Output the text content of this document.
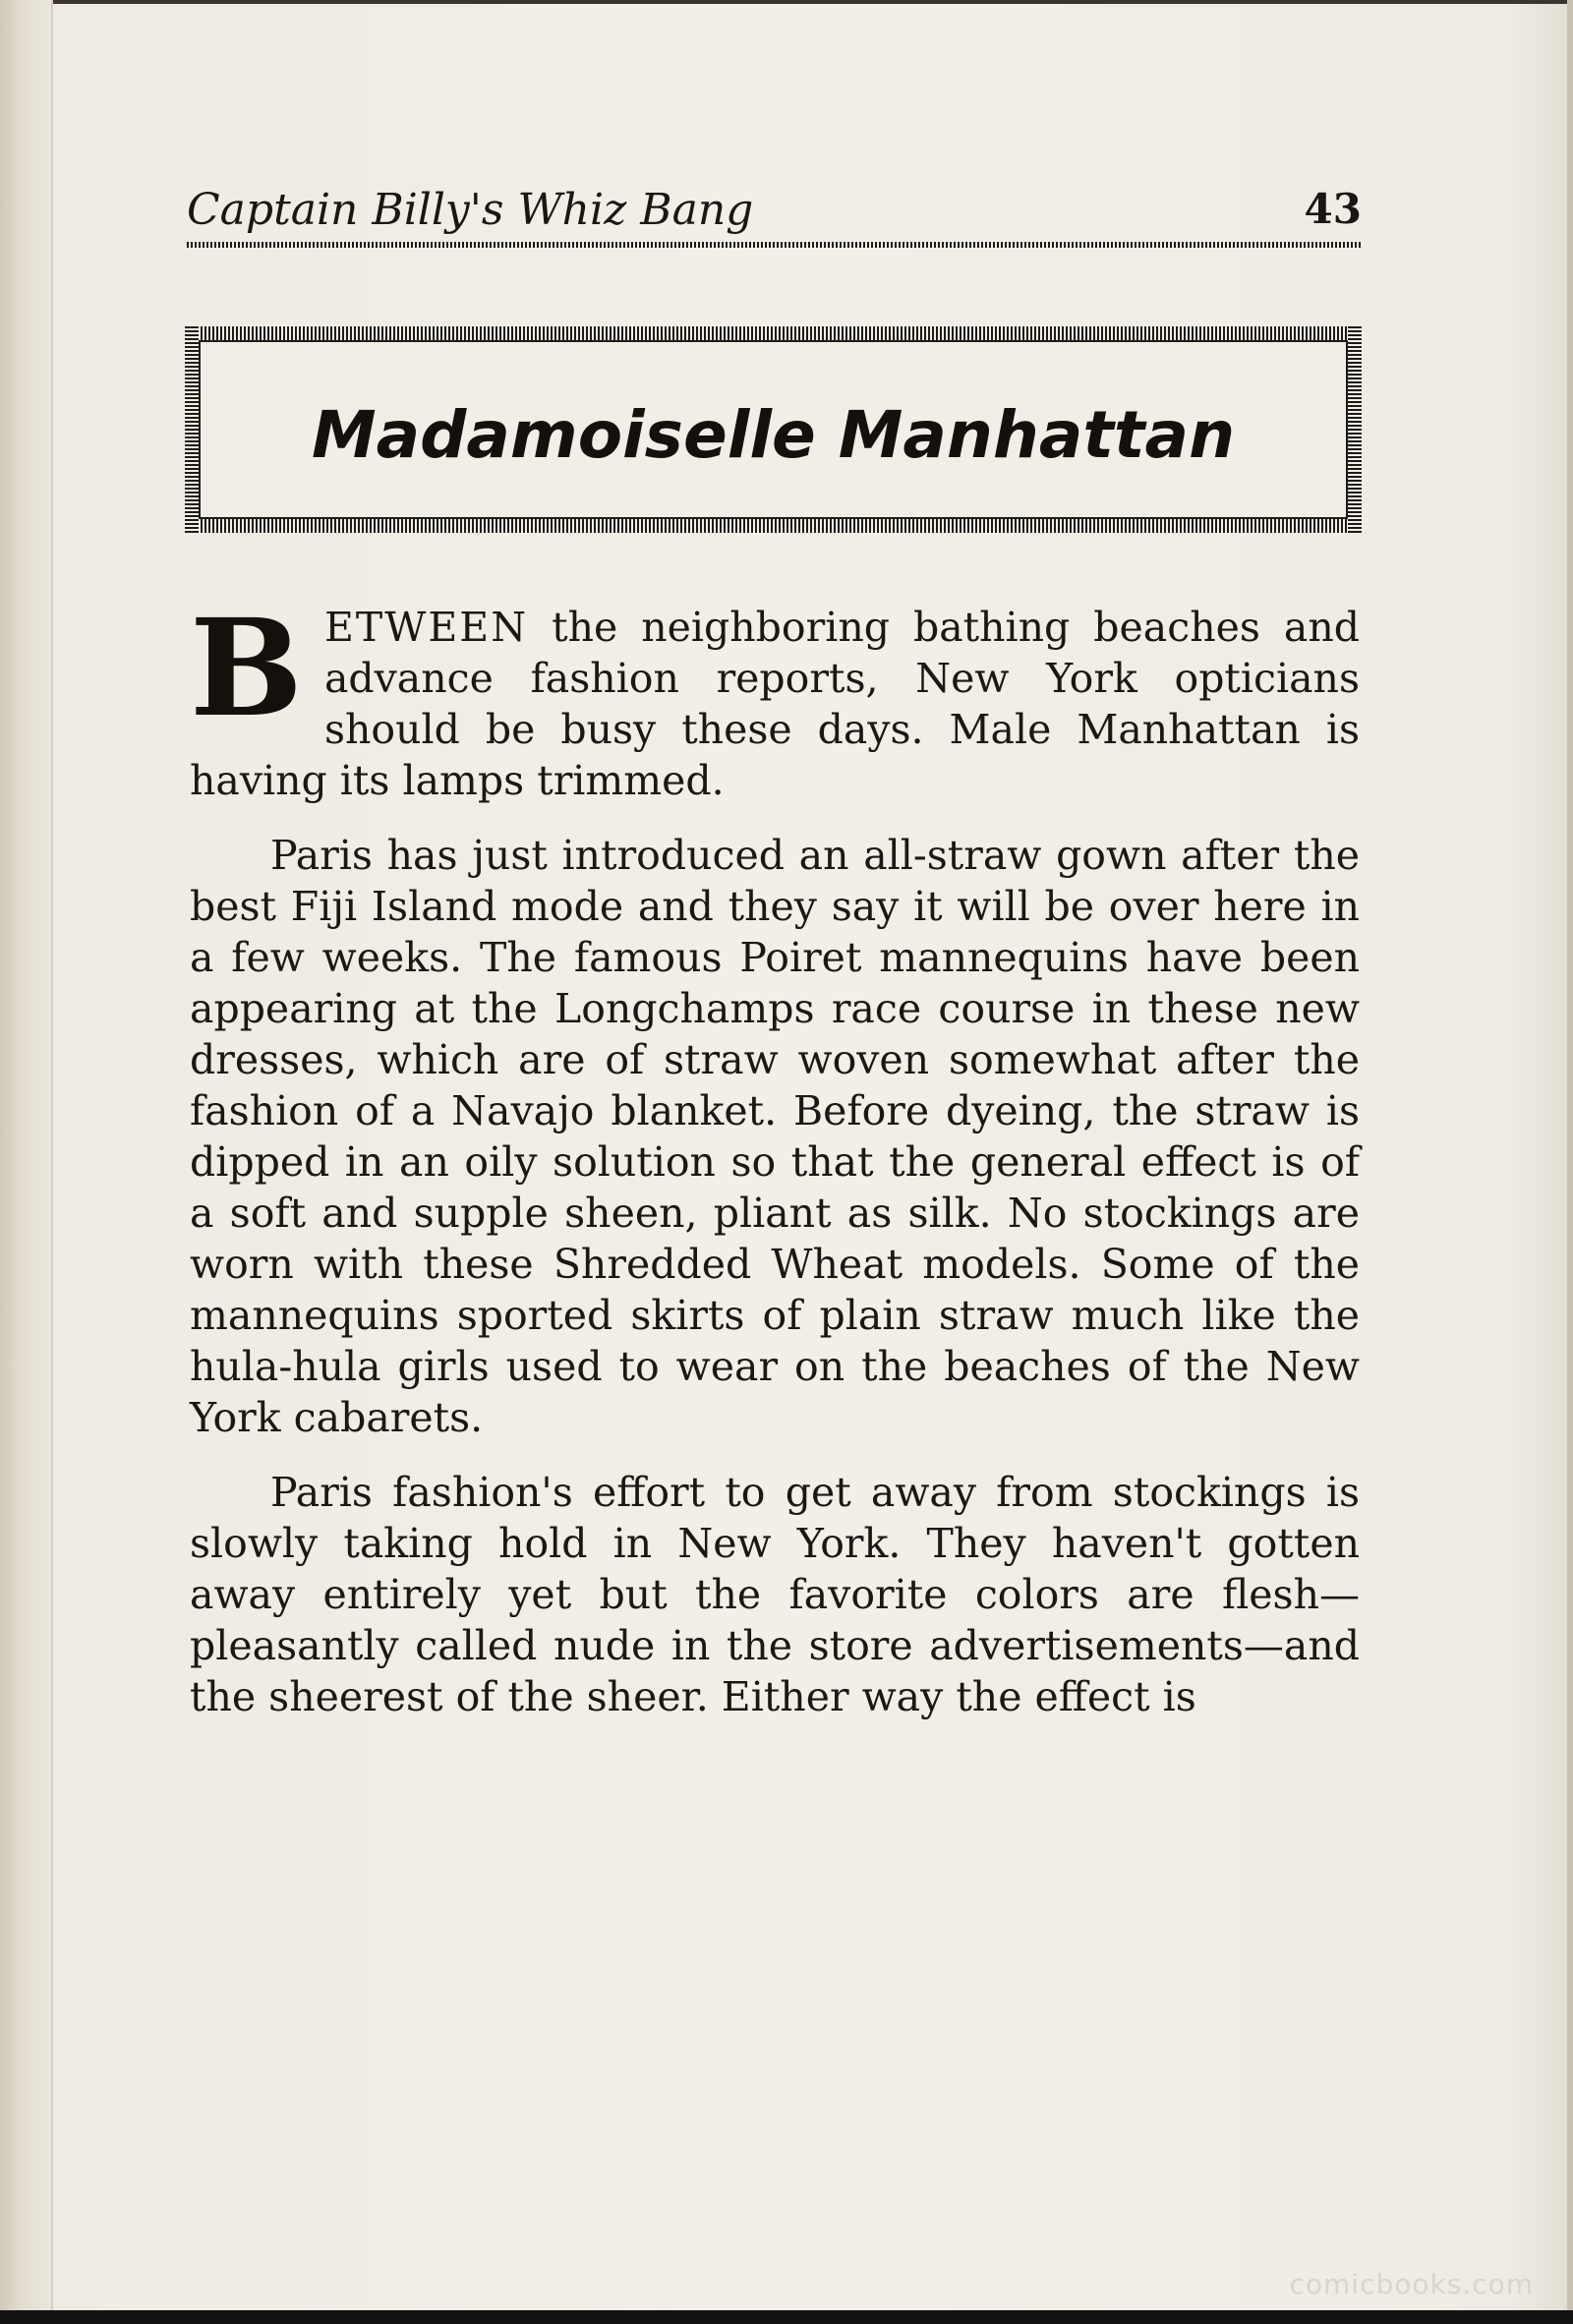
Captain Billy's Whiz Bang	43
Madamoiselle Manhattan

BETWEEN the neighboring bathing beaches and advance fashion reports, New York opticians should be busy these days. Male Manhattan is having its lamps trimmed.

Paris has just introduced an all-straw gown after the best Fiji Island mode and they say it will be over here in a few weeks. The famous Poiret mannequins have been appearing at the Longchamps race course in these new dresses, which are of straw woven somewhat after the fashion of a Navajo blanket. Before dyeing, the straw is dipped in an oily solution so that the general effect is of a soft and supple sheen, pliant as silk. No stockings are worn with these Shredded Wheat models. Some of the mannequins sported skirts of plain straw much like the hula-hula girls used to wear on the beaches of the New York cabarets.

Paris fashion's effort to get away from stockings is slowly taking hold in New York. They haven't gotten away entirely yet but the favorite colors are flesh—pleasantly called nude in the store advertisements—and the sheerest of the sheer. Either way the effect is

comicbooks.com
